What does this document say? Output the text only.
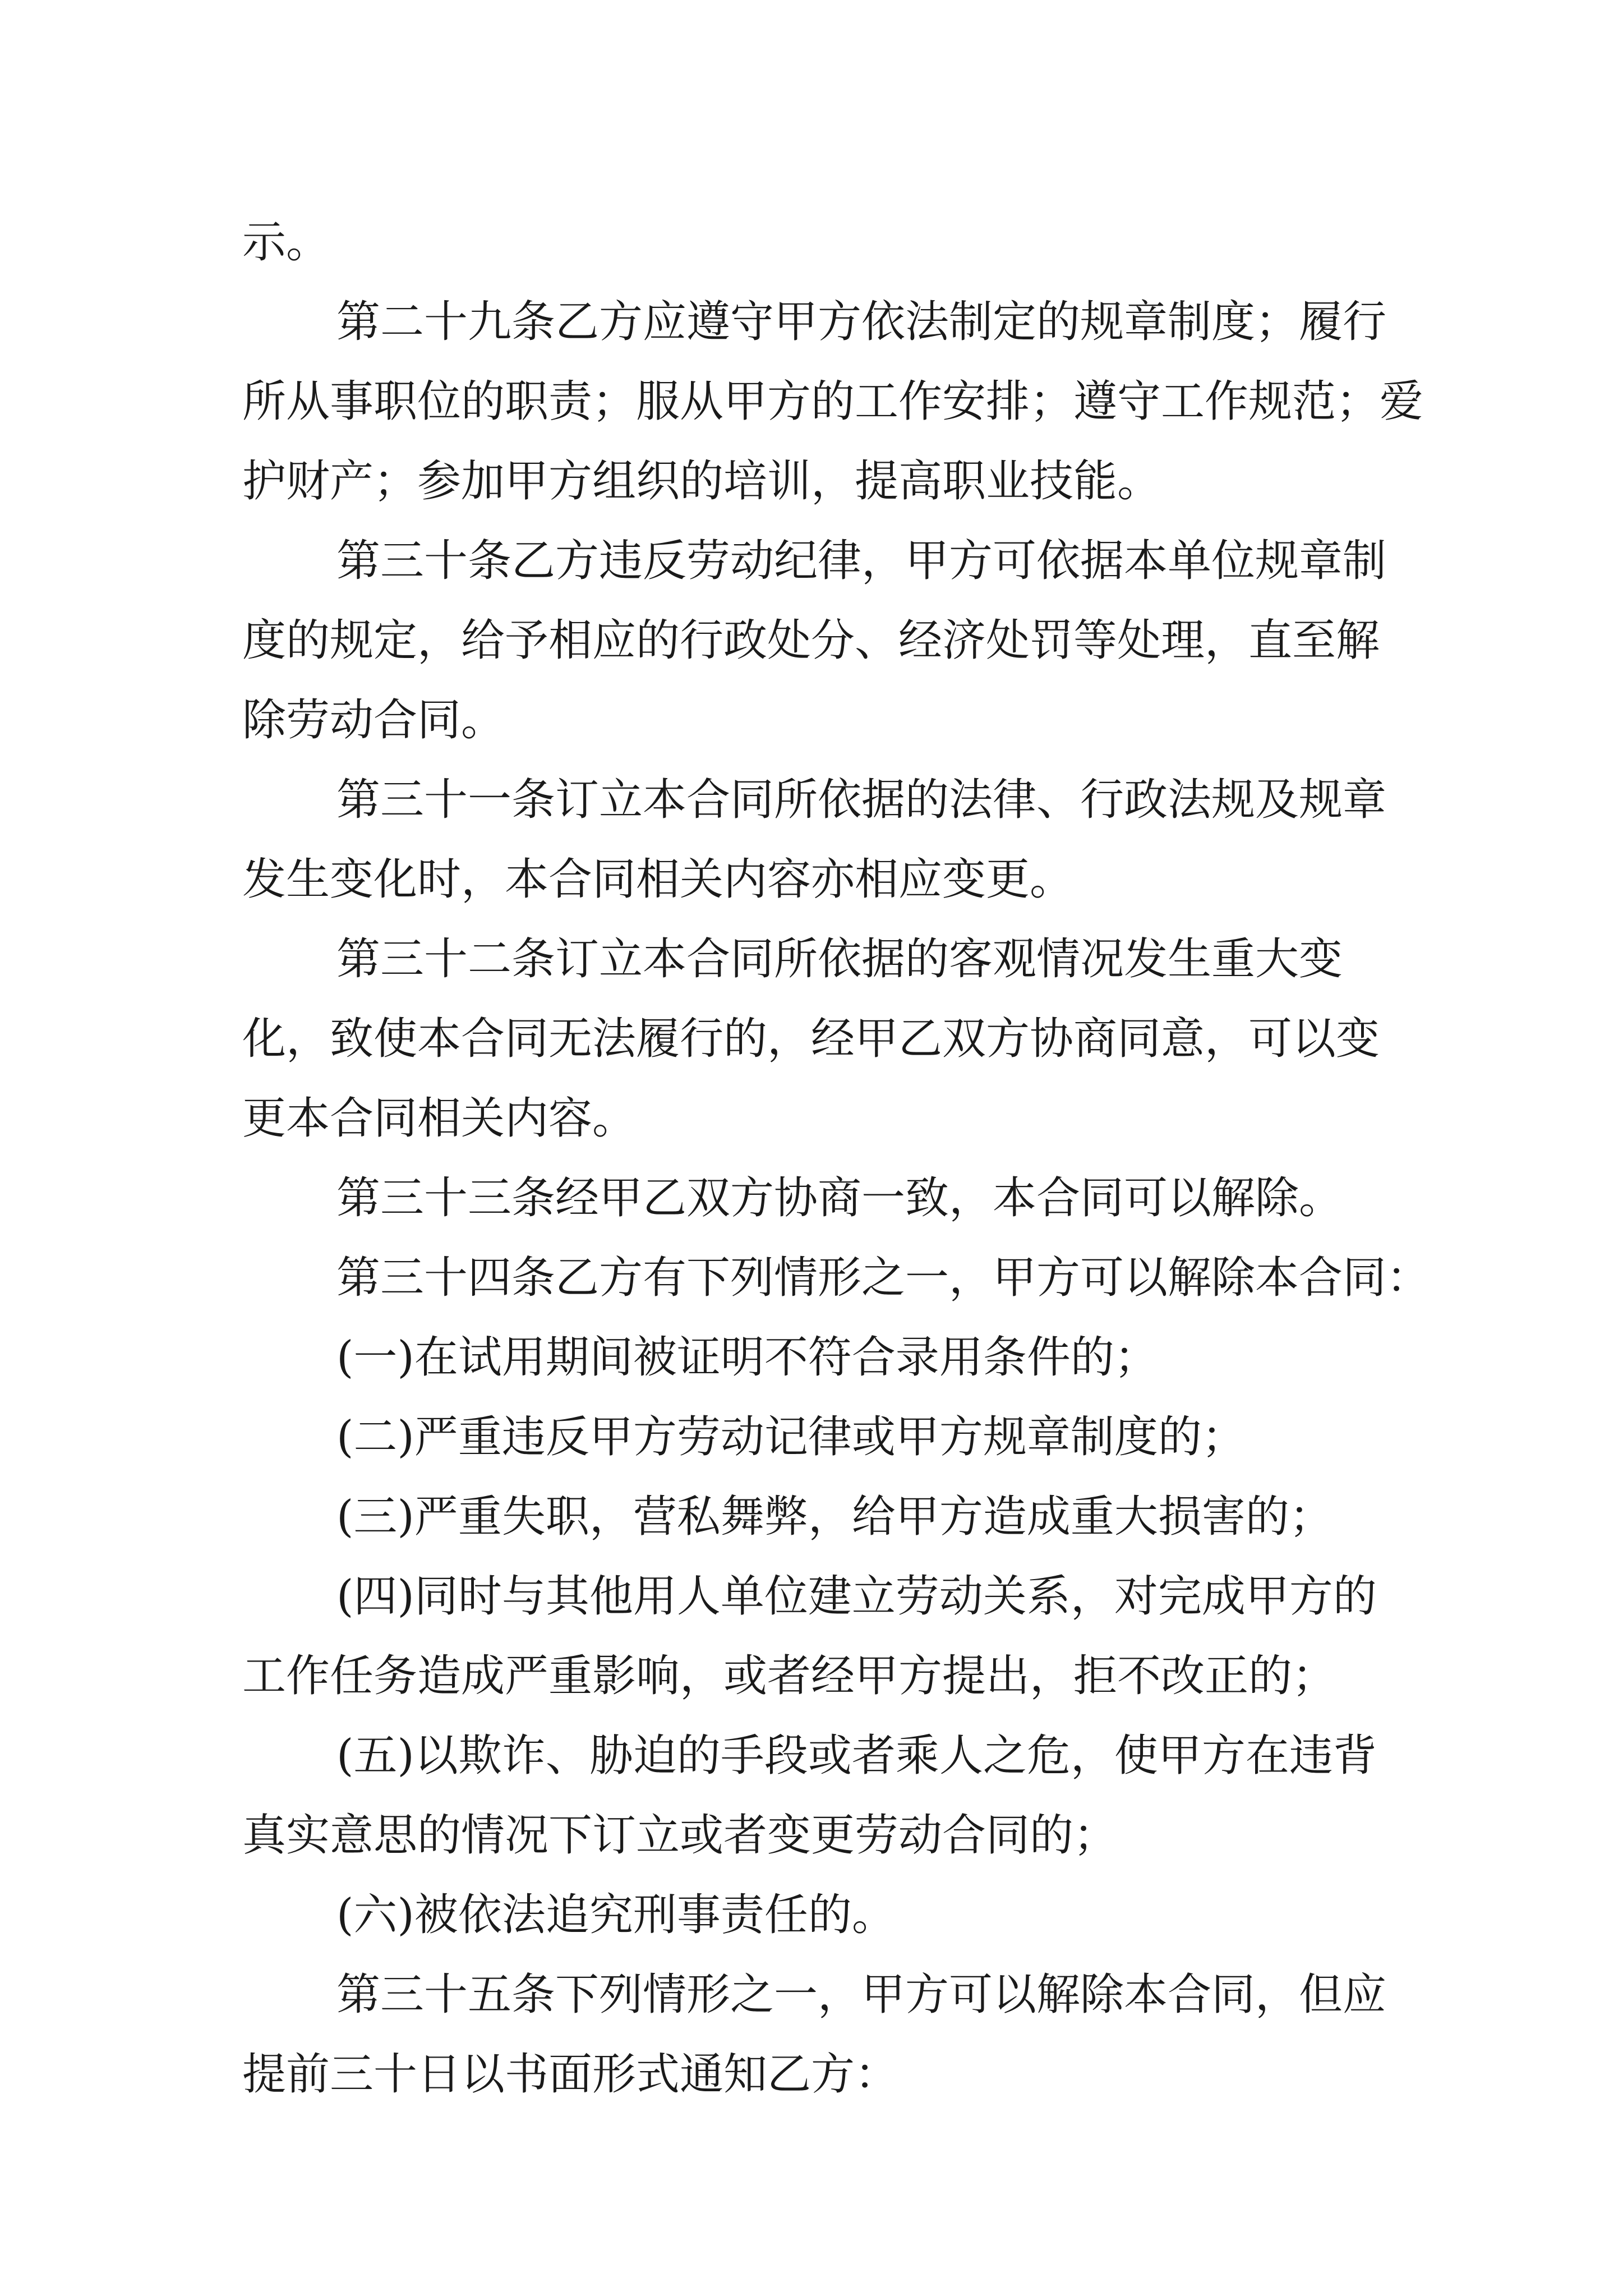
示。
第二十九条乙方应遵守甲方依法制定的规章制度；履行
所从事职位的职责；服从甲方的工作安排；遵守工作规范；爱
护财产；参加甲方组织的培训，提高职业技能。
第三十条乙方违反劳动纪律，甲方可依据本单位规章制
度的规定，给予相应的行政处分、经济处罚等处理，直至解
除劳动合同。
第三十一条订立本合同所依据的法律、行政法规及规章
发生变化时，本合同相关内容亦相应变更。
第三十二条订立本合同所依据的客观情况发生重大变
化，致使本合同无法履行的，经甲乙双方协商同意，可以变
更本合同相关内容。
第三十三条经甲乙双方协商一致，本合同可以解除。
第三十四条乙方有下列情形之一，甲方可以解除本合同：
(一)在试用期间被证明不符合录用条件的；
(二)严重违反甲方劳动记律或甲方规章制度的；
(三)严重失职，营私舞弊，给甲方造成重大损害的；
(四)同时与其他用人单位建立劳动关系，对完成甲方的
工作任务造成严重影响，或者经甲方提出，拒不改正的；
(五)以欺诈、胁迫的手段或者乘人之危，使甲方在违背
真实意思的情况下订立或者变更劳动合同的；
(六)被依法追究刑事责任的。
第三十五条下列情形之一，甲方可以解除本合同，但应
提前三十日以书面形式通知乙方：
